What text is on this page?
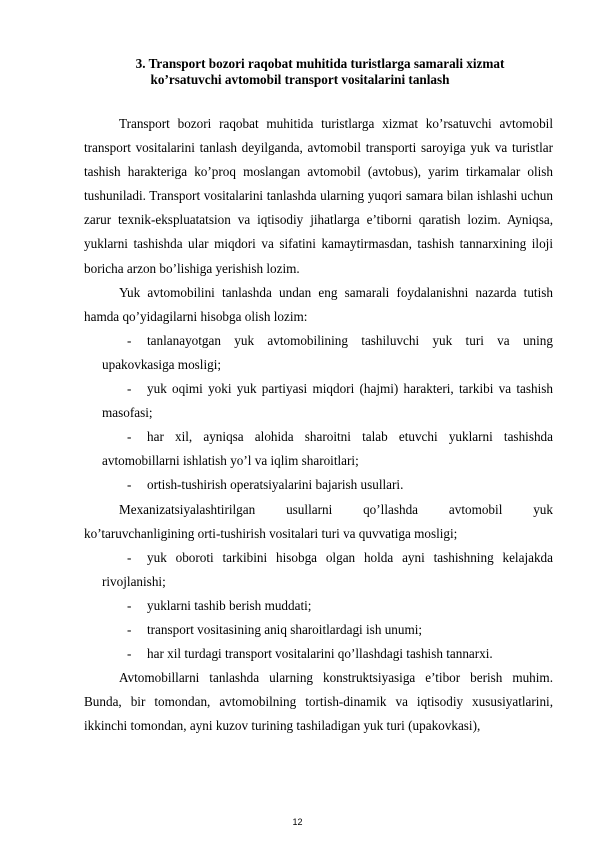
3. Transport bozori raqobat muhitida turistlarga samarali xizmat
ko’rsatuvchi avtomobil transport vositalarini tanlash

Transport bozori raqobat muhitida turistlarga xizmat ko’rsatuvchi avtomobil transport vositalarini tanlash deyilganda, avtomobil transporti saroyiga yuk va turistlar tashish harakteriga ko’proq moslangan avtomobil (avtobus), yarim tirkamalar olish tushuniladi. Transport vositalarini tanlashda ularning yuqori samara bilan ishlashi uchun zarur texnik-ekspluatatsion va iqtisodiy jihatlarga e’tiborni qaratish lozim. Ayniqsa, yuklarni tashishda ular miqdori va sifatini kamaytirmasdan, tashish tannarxining iloji boricha arzon bo’lishiga yerishish lozim.

Yuk avtomobilini tanlashda undan eng samarali foydalanishni nazarda tutish hamda qo’yidagilarni hisobga olish lozim:

- tanlanayotgan yuk avtomobilining tashiluvchi yuk turi va uning upakovkasiga mosligi;

- yuk oqimi yoki yuk partiyasi miqdori (hajmi) harakteri, tarkibi va tashish masofasi;

- har xil, ayniqsa alohida sharoitni talab etuvchi yuklarni tashishda avtomobillarni ishlatish yo’l va iqlim sharoitlari;

- ortish-tushirish operatsiyalarini bajarish usullari.

Mexanizatsiyalashtirilgan usullarni qo’llashda avtomobil yuk ko’taruvchanligining orti-tushirish vositalari turi va quvvatiga mosligi;

- yuk oboroti tarkibini hisobga olgan holda ayni tashishning kelajakda rivojlanishi;

- yuklarni tashib berish muddati;

- transport vositasining aniq sharoitlardagi ish unumi;

- har xil turdagi transport vositalarini qo’llashdagi tashish tannarxi.

Avtomobillarni tanlashda ularning konstruktsiyasiga e’tibor berish muhim. Bunda, bir tomondan, avtomobilning tortish-dinamik va iqtisodiy xususiyatlarini, ikkinchi tomondan, ayni kuzov turining tashiladigan yuk turi (upakovkasi),

12
